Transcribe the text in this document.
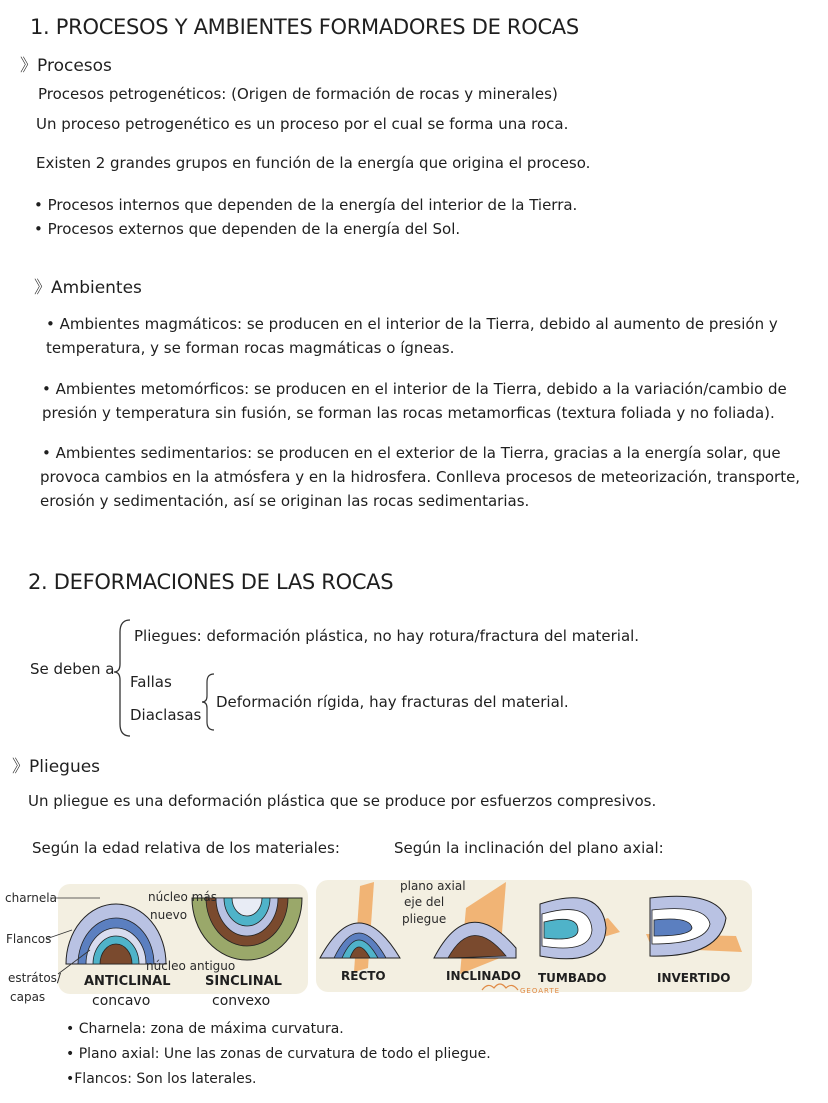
1. PROCESOS Y AMBIENTES FORMADORES DE ROCAS
》Procesos
Procesos petrogenéticos: (Origen de formación de rocas y minerales)
Un proceso petrogenético es un proceso por el cual se forma una roca.
Existen 2 grandes grupos en función de la energía que origina el proceso.
• Procesos internos que dependen de la energía del interior de la Tierra.
• Procesos externos que dependen de la energía del Sol.
》Ambientes
• Ambientes magmáticos: se producen en el interior de la Tierra, debido al aumento de presión y
temperatura, y se forman rocas magmáticas o ígneas.
• Ambientes metomórficos: se producen en el interior de la Tierra, debido a la variación/cambio de
presión y temperatura sin fusión, se forman las rocas metamorficas (textura foliada y no foliada).
• Ambientes sedimentarios: se producen en el exterior de la Tierra, gracias a la energía solar, que
provoca cambios en la atmósfera y en la hidrosfera. Conlleva procesos de meteorización, transporte,
erosión y sedimentación, así se originan las rocas sedimentarias.
2. DEFORMACIONES DE LAS ROCAS
Se deben a
Pliegues: deformación plástica, no hay rotura/fractura del material.
Fallas
Diaclasas
Deformación rígida, hay fracturas del material.
》Pliegues
Un pliegue es una deformación plástica que se produce por esfuerzos compresivos.
Según la edad relativa de los materiales:	Según la inclinación del plano axial:
charnela	núcleo más
nuevo
Flancos
núcleo antiguo
estrátos/
capas
ANTICLINAL	SINCLINAL
concavo	convexo
plano axial
eje del
pliegue
RECTO	INCLINADO TUMBADO	INVERTIDO
GEOARTE
• Charnela: zona de máxima curvatura.
• Plano axial: Une las zonas de curvatura de todo el pliegue.
•Flancos: Son los laterales.
